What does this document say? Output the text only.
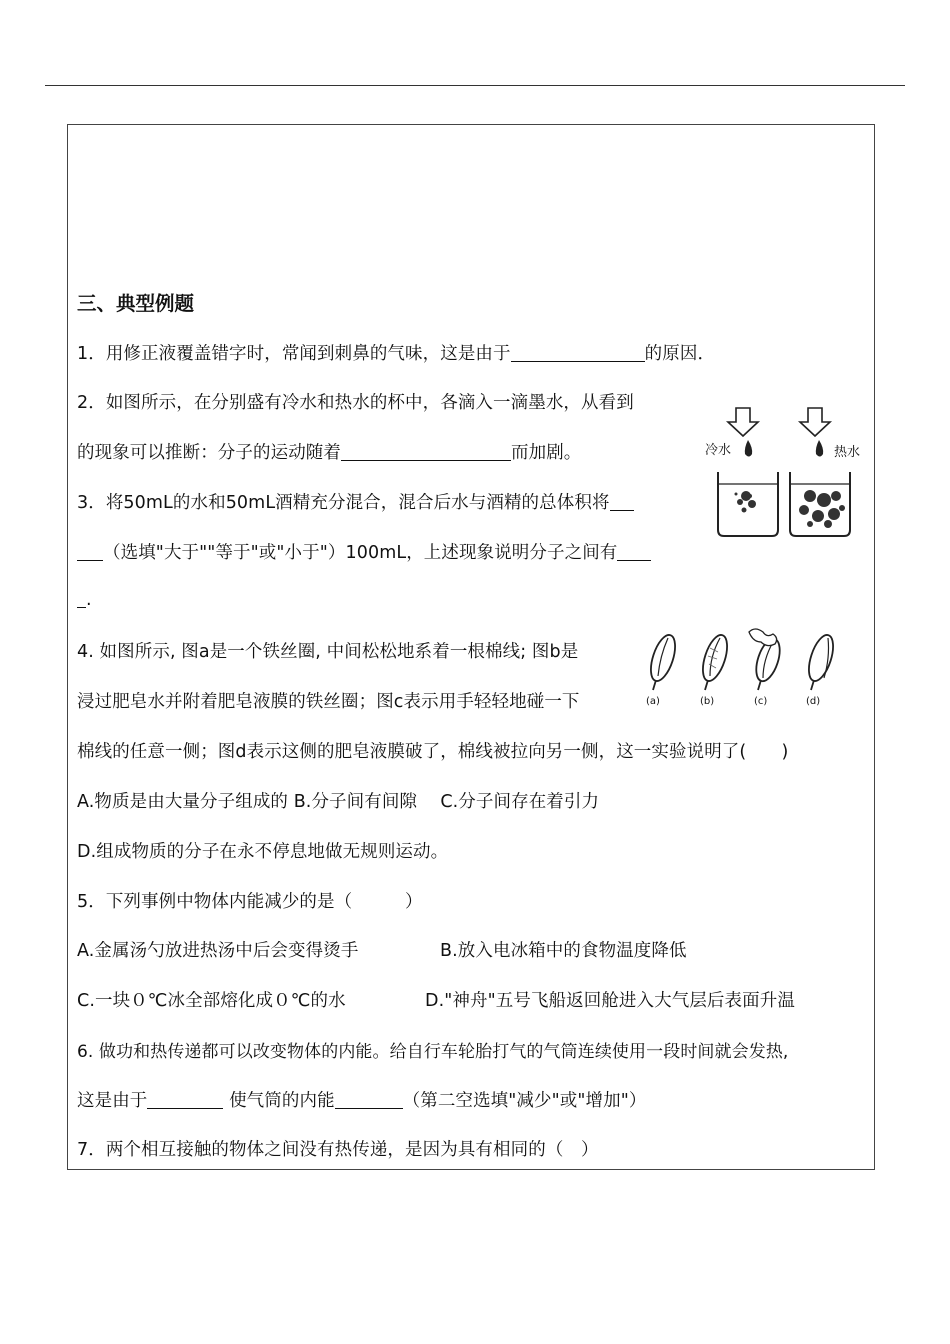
三、典型例题
1．用修正液覆盖错字时，常闻到刺鼻的气味，这是由于	的原因．
2．如图所示，在分别盛有冷水和热水的杯中，各滴入一滴墨水，从看到
的现象可以推断：分子的运动随着	而加剧。	冷水	热水
3．将50mL的水和50mL酒精充分混合，混合后水与酒精的总体积将
（选填"大于""等于"或"小于"）100mL，上述现象说明分子之间有
.
4. 如图所示, 图a是一个铁丝圈, 中间松松地系着一根棉线; 图b是
浸过肥皂水并附着肥皂液膜的铁丝圈；图c表示用手轻轻地碰一下
棉线的任意一侧；图d表示这侧的肥皂液膜破了，棉线被拉向另一侧，这一实验说明了(　　)
A.物质是由大量分子组成的 B.分子间有间隙　 C.分子间存在着引力
D.组成物质的分子在永不停息地做无规则运动。
(a)	(b)	(c)	(d)
5．下列事例中物体内能减少的是（　　　）
A.金属汤勺放进热汤中后会变得烫手	B.放入电冰箱中的食物温度降低
C.一块０℃冰全部熔化成０℃的水	D."神舟"五号飞船返回舱进入大气层后表面升温
6. 做功和热传递都可以改变物体的内能。给自行车轮胎打气的气筒连续使用一段时间就会发热,
这是由于	使气筒的内能	（第二空选填"减少"或"增加"）
7．两个相互接触的物体之间没有热传递，是因为具有相同的（　）
